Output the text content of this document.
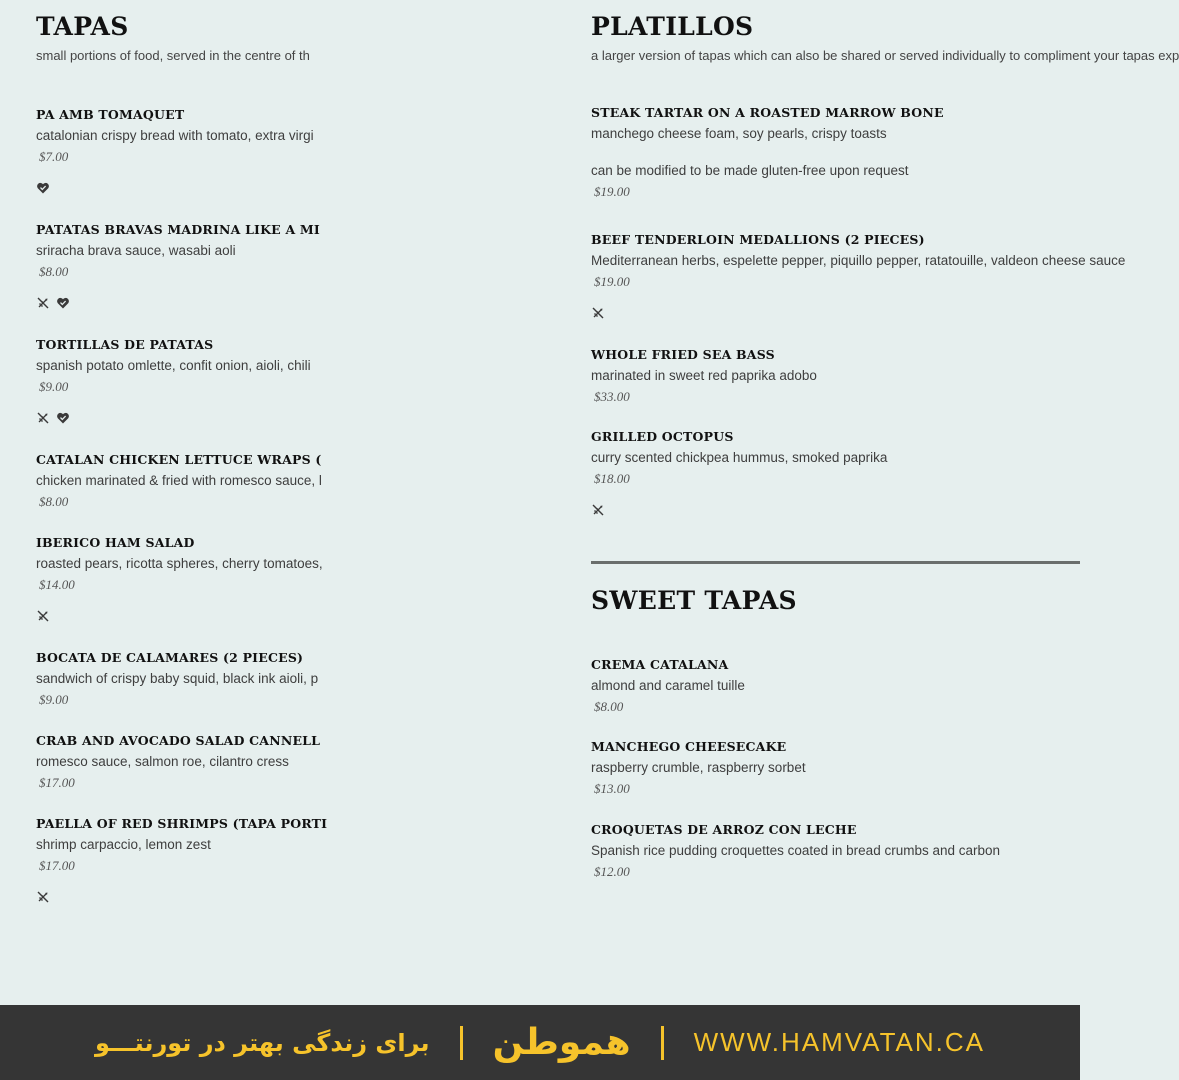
TAPAS
small portions of food, served in the centre of th
PA AMB TOMAQUET
catalonian crispy bread with tomato, extra virgi
$7.00
PATATAS BRAVAS MADRINA LIKE A MI
sriracha brava sauce, wasabi aoli
$8.00
TORTILLAS DE PATATAS
spanish potato omlette, confit onion, aioli, chili
$9.00
CATALAN CHICKEN LETTUCE WRAPS (
chicken marinated & fried with romesco sauce, l
$8.00
IBERICO HAM SALAD
roasted pears, ricotta spheres, cherry tomatoes,
$14.00
BOCATA DE CALAMARES (2 PIECES)
sandwich of crispy baby squid, black ink aioli, p
$9.00
CRAB AND AVOCADO SALAD CANNELL
romesco sauce, salmon roe, cilantro cress
$17.00
PAELLA OF RED SHRIMPS (TAPA PORTI
shrimp carpaccio, lemon zest
$17.00
PLATILLOS
a larger version of tapas which can also be shared or served individually to compliment your tapas exp
STEAK TARTAR ON A ROASTED MARROW BONE
manchego cheese foam, soy pearls, crispy toasts
can be modified to be made gluten-free upon request
$19.00
BEEF TENDERLOIN MEDALLIONS (2 PIECES)
Mediterranean herbs, espelette pepper, piquillo pepper, ratatouille, valdeon cheese sauce
$19.00
WHOLE FRIED SEA BASS
marinated in sweet red paprika adobo
$33.00
GRILLED OCTOPUS
curry scented chickpea hummus, smoked paprika
$18.00
SWEET TAPAS
CREMA CATALANA
almond and caramel tuille
$8.00
MANCHEGO CHEESECAKE
raspberry crumble, raspberry sorbet
$13.00
CROQUETAS DE ARROZ CON LECHE
Spanish rice pudding croquettes coated in bread crumbs and carbon
$12.00
برای زندگی بهتر در تورنتـــو هموطن WWW.HAMVATAN.CA
